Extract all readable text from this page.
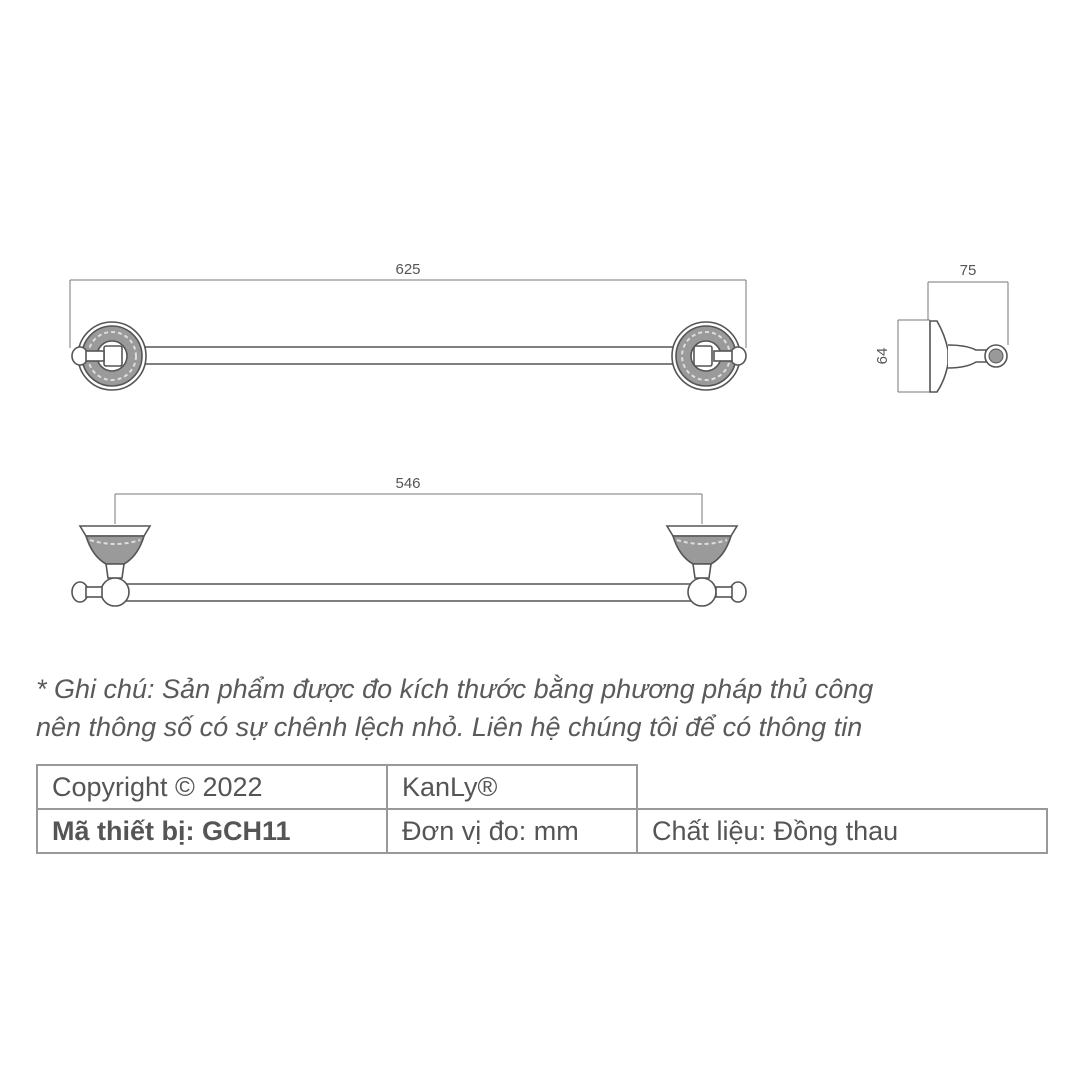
625	75
64
546
* Ghi chú: Sản phẩm được đo kích thước bằng phương pháp thủ công
nên thông số có sự chênh lệch nhỏ. Liên hệ chúng tôi để có thông tin
Copyright © 2022	KanLy®	
Mã thiết bị: GCH11	Đơn vị đo: mm	Chất liệu: Đồng thau
